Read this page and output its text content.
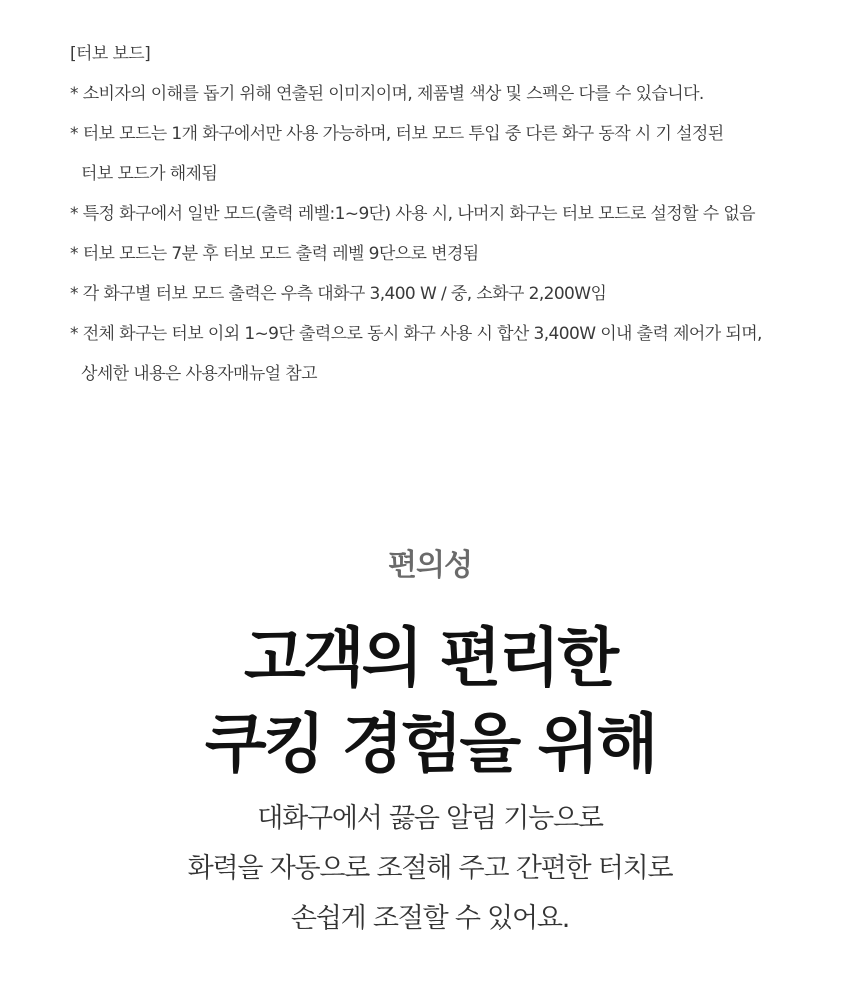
[터보 보드]
* 소비자의 이해를 돕기 위해 연출된 이미지이며, 제품별 색상 및 스펙은 다를 수 있습니다.
* 터보 모드는 1개 화구에서만 사용 가능하며, 터보 모드 투입 중 다른 화구 동작 시 기 설정된
터보 모드가 해제됨
* 특정 화구에서 일반 모드(출력 레벨:1~9단) 사용 시, 나머지 화구는 터보 모드로 설정할 수 없음
* 터보 모드는 7분 후 터보 모드 출력 레벨 9단으로 변경됨
* 각 화구별 터보 모드 출력은 우측 대화구 3,400 W / 중, 소화구 2,200W임
* 전체 화구는 터보 이외 1~9단 출력으로 동시 화구 사용 시 합산 3,400W 이내 출력 제어가 되며,
상세한 내용은 사용자매뉴얼 참고
편의성
고객의 편리한
쿠킹 경험을 위해
대화구에서 끓음 알림 기능으로
화력을 자동으로 조절해 주고 간편한 터치로
손쉽게 조절할 수 있어요.
